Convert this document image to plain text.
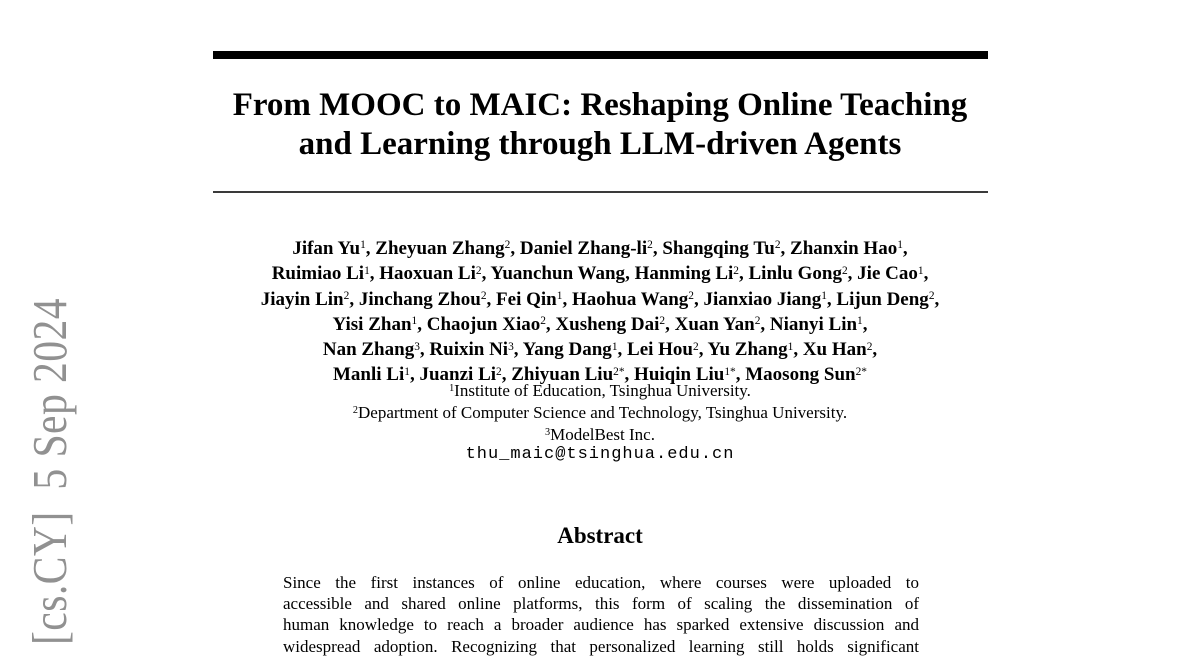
[cs.CY]  5 Sep 2024
From MOOC to MAIC: Reshaping Online Teaching
and Learning through LLM-driven Agents
Jifan Yu$^1$, Zheyuan Zhang$^2$, Daniel Zhang-$li^2$, Shangqing Tu$^2$, Zhanxin Hao$^1$,
Ruimiao Li$^1$, Haoxuan Li$^2$, Yuanchun Wang, Hanming Li$^2$, Linlu Gong$^2$, Jie Cao$^1$,
Jiayin Lin$^2$, Jinchang Zhou$^2$, Fei Qin$^1$, Haohua Wang$^2$, Jianxiao Jiang$^1$, Lijun Deng$^2$,
Yisi Zhan$^1$, Chaojun Xiao$^2$, Xusheng Dai$^2$, Xuan Yan$^2$, Nianyi Lin$^1$,
Nan Zhang$^3$, Ruixin Ni$^3$, Yang Dang$^1$, Lei Hou$^2$, Yu Zhang$^1$, Xu Han$^2$,
Manli Li$^1$, Juanzi Li$^2$, Zhiyuan Liu$^{2*}$, Huiqin Liu$^{1*}$, Maosong Sun$^{2*}$
$^1$Institute of Education, Tsinghua University.
$^2$Department of Computer Science and Technology, Tsinghua University.
$^3$ModelBest Inc.
thu_maic@tsinghua.edu.cn
Abstract
Since the first instances of online education, where courses were uploaded to
accessible and shared online platforms, this form of scaling the dissemination of
human knowledge to reach a broader audience has sparked extensive discussion and
widespread adoption. Recognizing that personalized learning still holds significant
